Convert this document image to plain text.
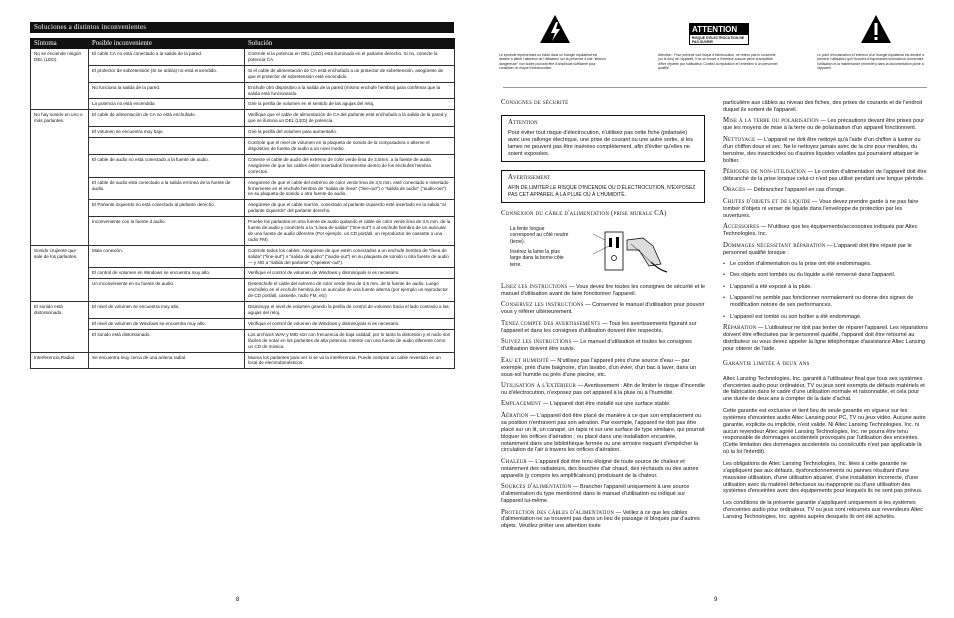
Soluciones a distintos inconvenientes
Síntoma	Posible inconveniente	Solución
No se enciende ningún DEL (LED).	El cable CA no está conectado a la salida de la pared.	Controle si la potencia en DEL (LED) está iluminada en el parlante derecho. Si no, conecte la potencia CA.
	El protector de sobretensión (Si se utiliza) no está encendido.	Si el cable de alimentación de CA está enchufado a un protector de sobretensión, asegúrese de que el protector de sobretensión esté encendido.
	No funciona la salida de la pared.	Enchufe otro dispositivo a la salida de la pared (mismo enchufe hembra) para confirmar que la salida está funcionando.
	La potencia no está encendida	Gire la perilla de volumen en el sentido de las agujas del reloj.
No hay sonido en uno o más parlantes.	El cable de alimentación de CA no está enchufado.	Verifique que el cable de alimentación de CA del parlante esté enchufado a la salida de la pared y que se ilumina un DEL (LED) de potencia.
	El volumen se encuentra muy bajo.	Gire la perilla del volumen para aumentarlo.
		Controle que el nivel de volumen en la plaqueta de sonido de la computadora o alterne el dispositivo de fuente de audio a un nivel medio.
	El cable de audio no está conectado a la fuente de audio.	Conecte el cable de audio del extremo de color verde lima de 3,5mm. a la fuente de audio. Asegúrese de que los cables estén insertados firmemente dentro de los enchufes hembra correctos.
	El cable de audio está conectado a la salida errónea de la fuente de audio.	Asegúrese de que el cable del extremo de color verde lima de 3,5 mm. esté conectado e insertado firmemente en el enchufe hembra de "salida de línea" ("line-out") o "salida de audio" ("audio-out") en su plaqueta de sonido u otra fuente de audio.
	El Parlante izquierdo no está conectado al parlante derecho.	Asegúrese de que el cable marrón, conectado al parlante izquierdo esté insertado en la salida "al parlante izquierdo" del parlante derecho.
	Inconveniente con la fuente d audio.	Pruebe los parlantes en otra fuente de audio quitando el cable de color verde lima de 3,5 mm. de la fuente de audio y conéctelo a la "Línea de salida" ("line-out") o al enchufe hembra de un auricular de una fuente de audio diferente (Por ejemplo, un CD portátil, un reproductor de cassette o una radio FM).
Sonido crujiente que sale de los parlantes.	Mala conexión.	Controle todos los cables. Asegúrese de que estén conectados a un enchufe hembra de "línea de salida" ("line-out") o "salida de audio" ("audio-out") en su plaqueta de sonido u otra fuente de audio — y NO a "salida del parlante" ("speaker-out").
	El control de volumen en Windows se encuentra muy alto.	Verifique el control de volumen de Windows y disminúyalo si es necesario.
	Un inconveniente en su fuente de audio.	Desenchufe el cable del extremo de color verde lima de 3,5 mm. de la fuente de audio. Luego enchúfelo en el enchufe hembra de un auricular de una fuente alterna (por ejemplo un reproductor de CD portátil, cassette, radio FM, etc)
El sonido está distorsionado.	El nivel de volumen se encuentra muy alto.	Disminuya el nivel de volumen girando la perilla de control de volumen hacia el lado contrario a las agujas del reloj.
	El nivel de volumen de Windows se encuentra muy alto.	Verifique el control de volumen de Windows y disminúyalo si es necesario.
	El sonido está distorsionado.	Los archivos WAV y MID son con frecuencia de baja calidad; por lo tanto la distorsión y el ruido son fáciles de notar en los parlantes de alta potencia. Intente con una fuente de audio diferente como un CD de música.
Interferencia Radial.	Se encuentra muy cerca de una antena radial.	Mueva los parlantes para ver si se va la interferencia. Puede comprar un cable revestido en un local de electrodomésticos.
8
Le symbole représentant un éclair dans un triangle équilatéral est destiné à attirer l'attention de l'utilisateur sur la présence d'une "tension dangereuse" non isolée pouvant être d'amplitude suffisante pour constituer un risque d'électrocution.
ATTENTION
RISQUE D'ÉLECTROCUTION NE PAS OUVRIR
Attention : Pour prévenir tout risque d'électrocution, ne retirez pas le couvercle (ou le dos) de l'appareil. Il ne se trouve à l'intérieur aucune pièce susceptible d'être réparée par l'utilisateur. Confiez la réparation et l'entretien à un personnel qualifié.
Le point d'exclamation à l'intérieur d'un triangle équilatéral est destiné à prévenir l'utilisateur qu'il trouvera d'importantes instructions concernant l'utilisation et la maintenance (entretien) dans la documentation jointe à l'appareil.

Consignes de sécurité

Attention
Pour éviter tout risque d'électrocution, n'utilisez pas cette fiche (polarisée) avec une rallonge électrique, une prise de courant ou une autre sortie, si les lames ne peuvent pas être insérées complètement, afin d'éviter qu'elles ne soient exposées.
Avertissement
AFIN DE LIMITER LE RISQUE D'INCENDIE OU D'ÉLECTROCUTION, N'EXPOSEZ PAS CET APPAREIL À LA PLUIE OU À L'HUMIDITÉ.

Connexion du câble d'alimentation (prise murale CA)

La fente longue correspond au côté neutre (terre).
Insérez la lame la plus large dans la borne côte terre.

Lisez les instructions — Vous devez lire toutes les consignes de sécurité et le manuel d'utilisation avant de faire fonctionner l'appareil.

Conservez les instructions — Conservez le manuel d'utilisation pour pouvoir vous y référer ultérieurement.

Tenez compte des avertissements — Tous les avertissements figurant sur l'appareil et dans les consignes d'utilisation doivent être respectés.

Suivez les instructions — Le manuel d'utilisation et toutes les consignes d'utilisation doivent être suivis.

Eau et humidité — N'utilisez pas l'appareil près d'une source d'eau — par exemple, près d'une baignoire, d'un lavabo, d'un évier, d'un bac à laver, dans un sous-sol humide ou près d'une piscine, etc.

Utilisation à l'extérieur — Avertissement : Afin de limiter le risque d'incendie ou d'électrocution, n'exposez pas cet appareil à la pluie ou à l'humidité.

Emplacement — L'appareil doit être installé sur une surface stable.

Aération — L'appareil doit être placé de manière à ce que son emplacement ou sa position n'entravent pas son aération. Par exemple, l'appareil ne doit pas être placé sur un lit, un canapé, un tapis ni sur une surface de type similaire, qui pourrait bloquer les orifices d'aération ; ou placé dans une installation encastrée, notamment dans une bibliothèque fermée ou une armoire risquant d'empêcher la circulation de l'air à travers les orifices d'aération.

Chaleur — L'appareil doit être tenu éloigné de toute source de chaleur et notamment des radiateurs, des bouches d'air chaud, des réchauds ou des autres appareils (y compris les amplificateurs) produisant de la chaleur.

Sources d'alimentation — Brancher l'appareil uniquement à une source d'alimentation du type mentionné dans le manuel d'utilisation ou indiqué sur l'appareil lui-même.

Protection des câbles d'alimentation — Veillez à ce que les câbles d'alimentation ne se trouvent pas dans un lieu de passage ni bloqués par d'autres objets. Veuillez prêter une attention toute

particulière aux câbles au niveau des fiches, des prises de courants et de l'endroit duquel ils sortent de l'appareil.

Mise à la terre ou polarisation — Les précautions devant être prises pour que les moyens de mise à la terre ou de polarisation d'un appareil fonctionnent.

Nettoyage — L'appareil ne doit être nettoyé qu'à l'aide d'un chiffon à lustrer ou d'un chiffon doux et sec. Ne le nettoyez jamais avec de la cire pour meubles, du benzène, des insecticides ou d'autres liquides volatiles qui pourraient attaquer le boîtier.

Périodes de non-utilisation — Le cordon d'alimentation de l'appareil doit être débranché de la prise lorsque celui-ci n'est pas utilisé pendant une longue période.

Orages — Débranchez l'appareil en cas d'orage.

Chutes d'objets et de liquide — Vous devez prendre garde à ne pas faire tomber d'objets ni verser de liquide dans l'enveloppe de protection par les ouvertures.

Accessoires — N'utilisez que les équipements/accessoires indiqués par Altec Technologies, Inc.

Dommages nécessitant réparation — L'appareil doit être réparé par le personnel qualifié lorsque :

• Le cordon d'alimentation ou la prise ont été endommagés.
• Des objets sont tombés ou du liquide a été renversé dans l'appareil.
• L'appareil a été exposé à la pluie.
• L'appareil ne semble pas fonctionner normalement ou donne des signes de modification notoire de ses performances.
• L'appareil est tombé ou son boîtier a été endommagé.

Réparation — L'utilisateur ne doit pas tenter de réparer l'appareil. Les réparations doivent être effectuées par le personnel qualifié, l'appareil doit être retourné au distributeur ou vous devez appeler la ligne téléphonique d'assistance Altec Lansing pour obtenir de l'aide.

Garantie limitée à deux ans

Altec Lansing Technologies, Inc. garantit à l'utilisateur final que tous ses systèmes d'enceintes audio pour ordinateur, TV ou jeux sont exempts de défauts matériels et de fabrication dans le cadre d'une utilisation normale et raisonnable, et cela pour une durée de deux ans à compter de la date d'achat.

Cette garantie est exclusive et tient lieu de seule garantie en vigueur sur les systèmes d'enceintes audio Altec Lansing pour PC, TV ou jeux vidéo. Aucune autre garantie, explicite ou implicite, n'est valide. Ni Altec Lansing Technologies, Inc. ni aucun revendeur Altec agréé Lansing Technologies, Inc. ne pourra être tenu responsable de dommages accidentels provoqués par l'utilisation des enceintes. (Cette limitation des dommages accidentels ou consécutifs n'est pas applicable là où la loi l'interdit).

Les obligations de Altec Lansing Technologies, Inc. liées à cette garantie ne s'appliquent pas aux défauts, dysfonctionnements ou pannes résultant d'une mauvaise utilisation, d'une utilisation abusive, d'une installation incorrecte, d'une utilisation avec du matériel défectueux ou inapproprié ou d'une utilisation des systèmes d'enceintes avec des équipements pour lesquels ils ne sont pas prévus.

Les conditions de la présente garantie s'appliquent uniquement si les systèmes d'enceintes audio pour ordinateur, TV ou jeux sont retournés aux revendeurs Altec Lansing Technologies, Inc. agréés auprès desquels ils ont été achetés.

9
